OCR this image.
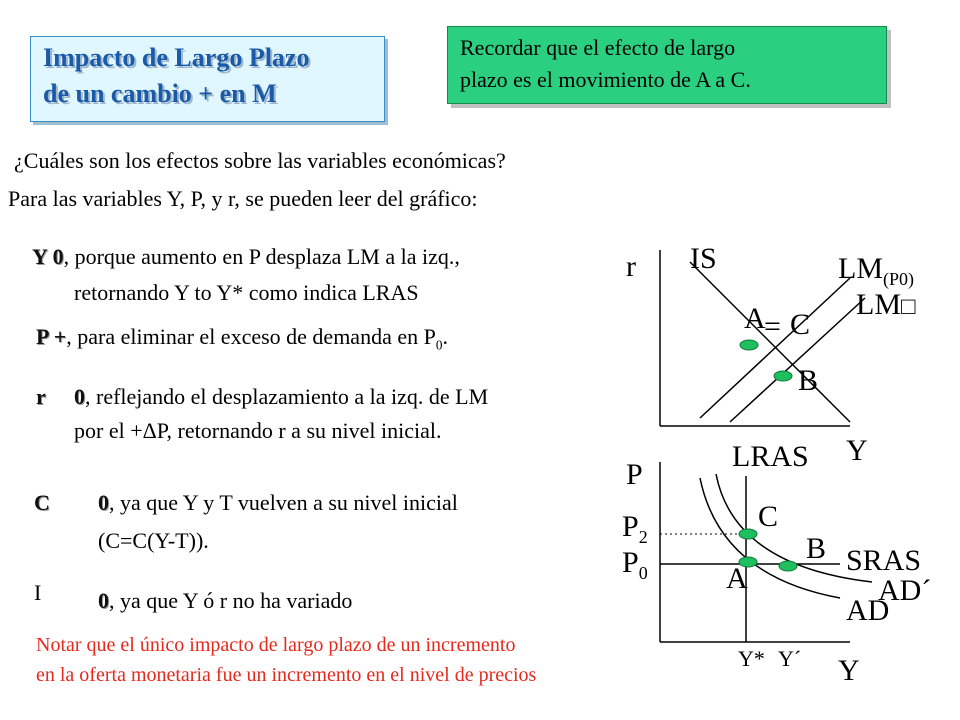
Impacto de Largo Plazo
de un cambio + en M
Recordar que el efecto de largo
plazo es el movimiento de A a C.
¿Cuáles son los efectos sobre las variables económicas?
Para las variables Y, P, y r, se pueden leer del gráfico:
Y 0, porque aumento en P desplaza LM a la izq.,
retornando Y to Y* como indica LRAS
P +, para eliminar el exceso de demanda en $P_0$.
r 0, reflejando el desplazamiento a la izq. de LM
por el +ΔP, retornando r a su nivel inicial.
C 0, ya que Y y T vuelven a su nivel inicial
(C=C(Y-T)).
I	0, ya que Y ó r no ha variado
Notar que el único impacto de largo plazo de un incremento
en la oferta monetaria fue un incremento en el nivel de precios
r IS	$LM_{(P0)}$
LM□
A
= C
B
Y
P
LRAS
$P_2$
$P_0$
C
B
A
SRAS
AD´
AD
Y* Y´ Y
